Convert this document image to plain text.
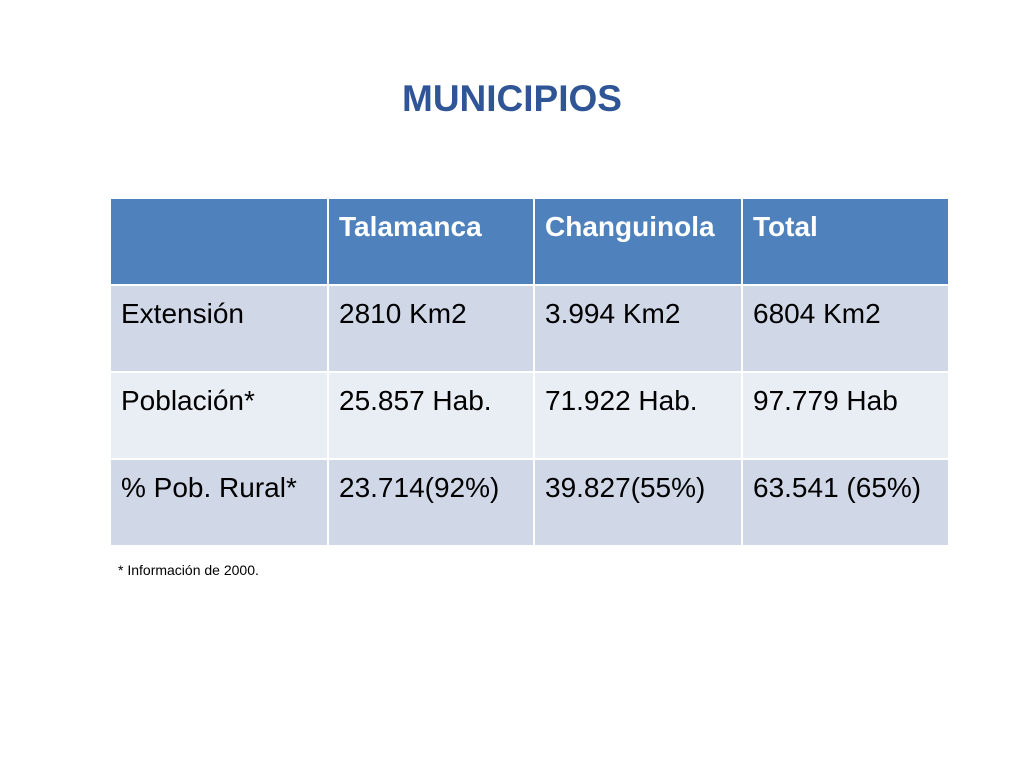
MUNICIPIOS
	Talamanca	Changuinola	Total
Extensión	2810 Km2	3.994 Km2	6804 Km2
Población*	25.857 Hab.	71.922 Hab.	97.779 Hab
% Pob. Rural*	23.714(92%)	39.827(55%)	63.541 (65%)

* Información de 2000.
